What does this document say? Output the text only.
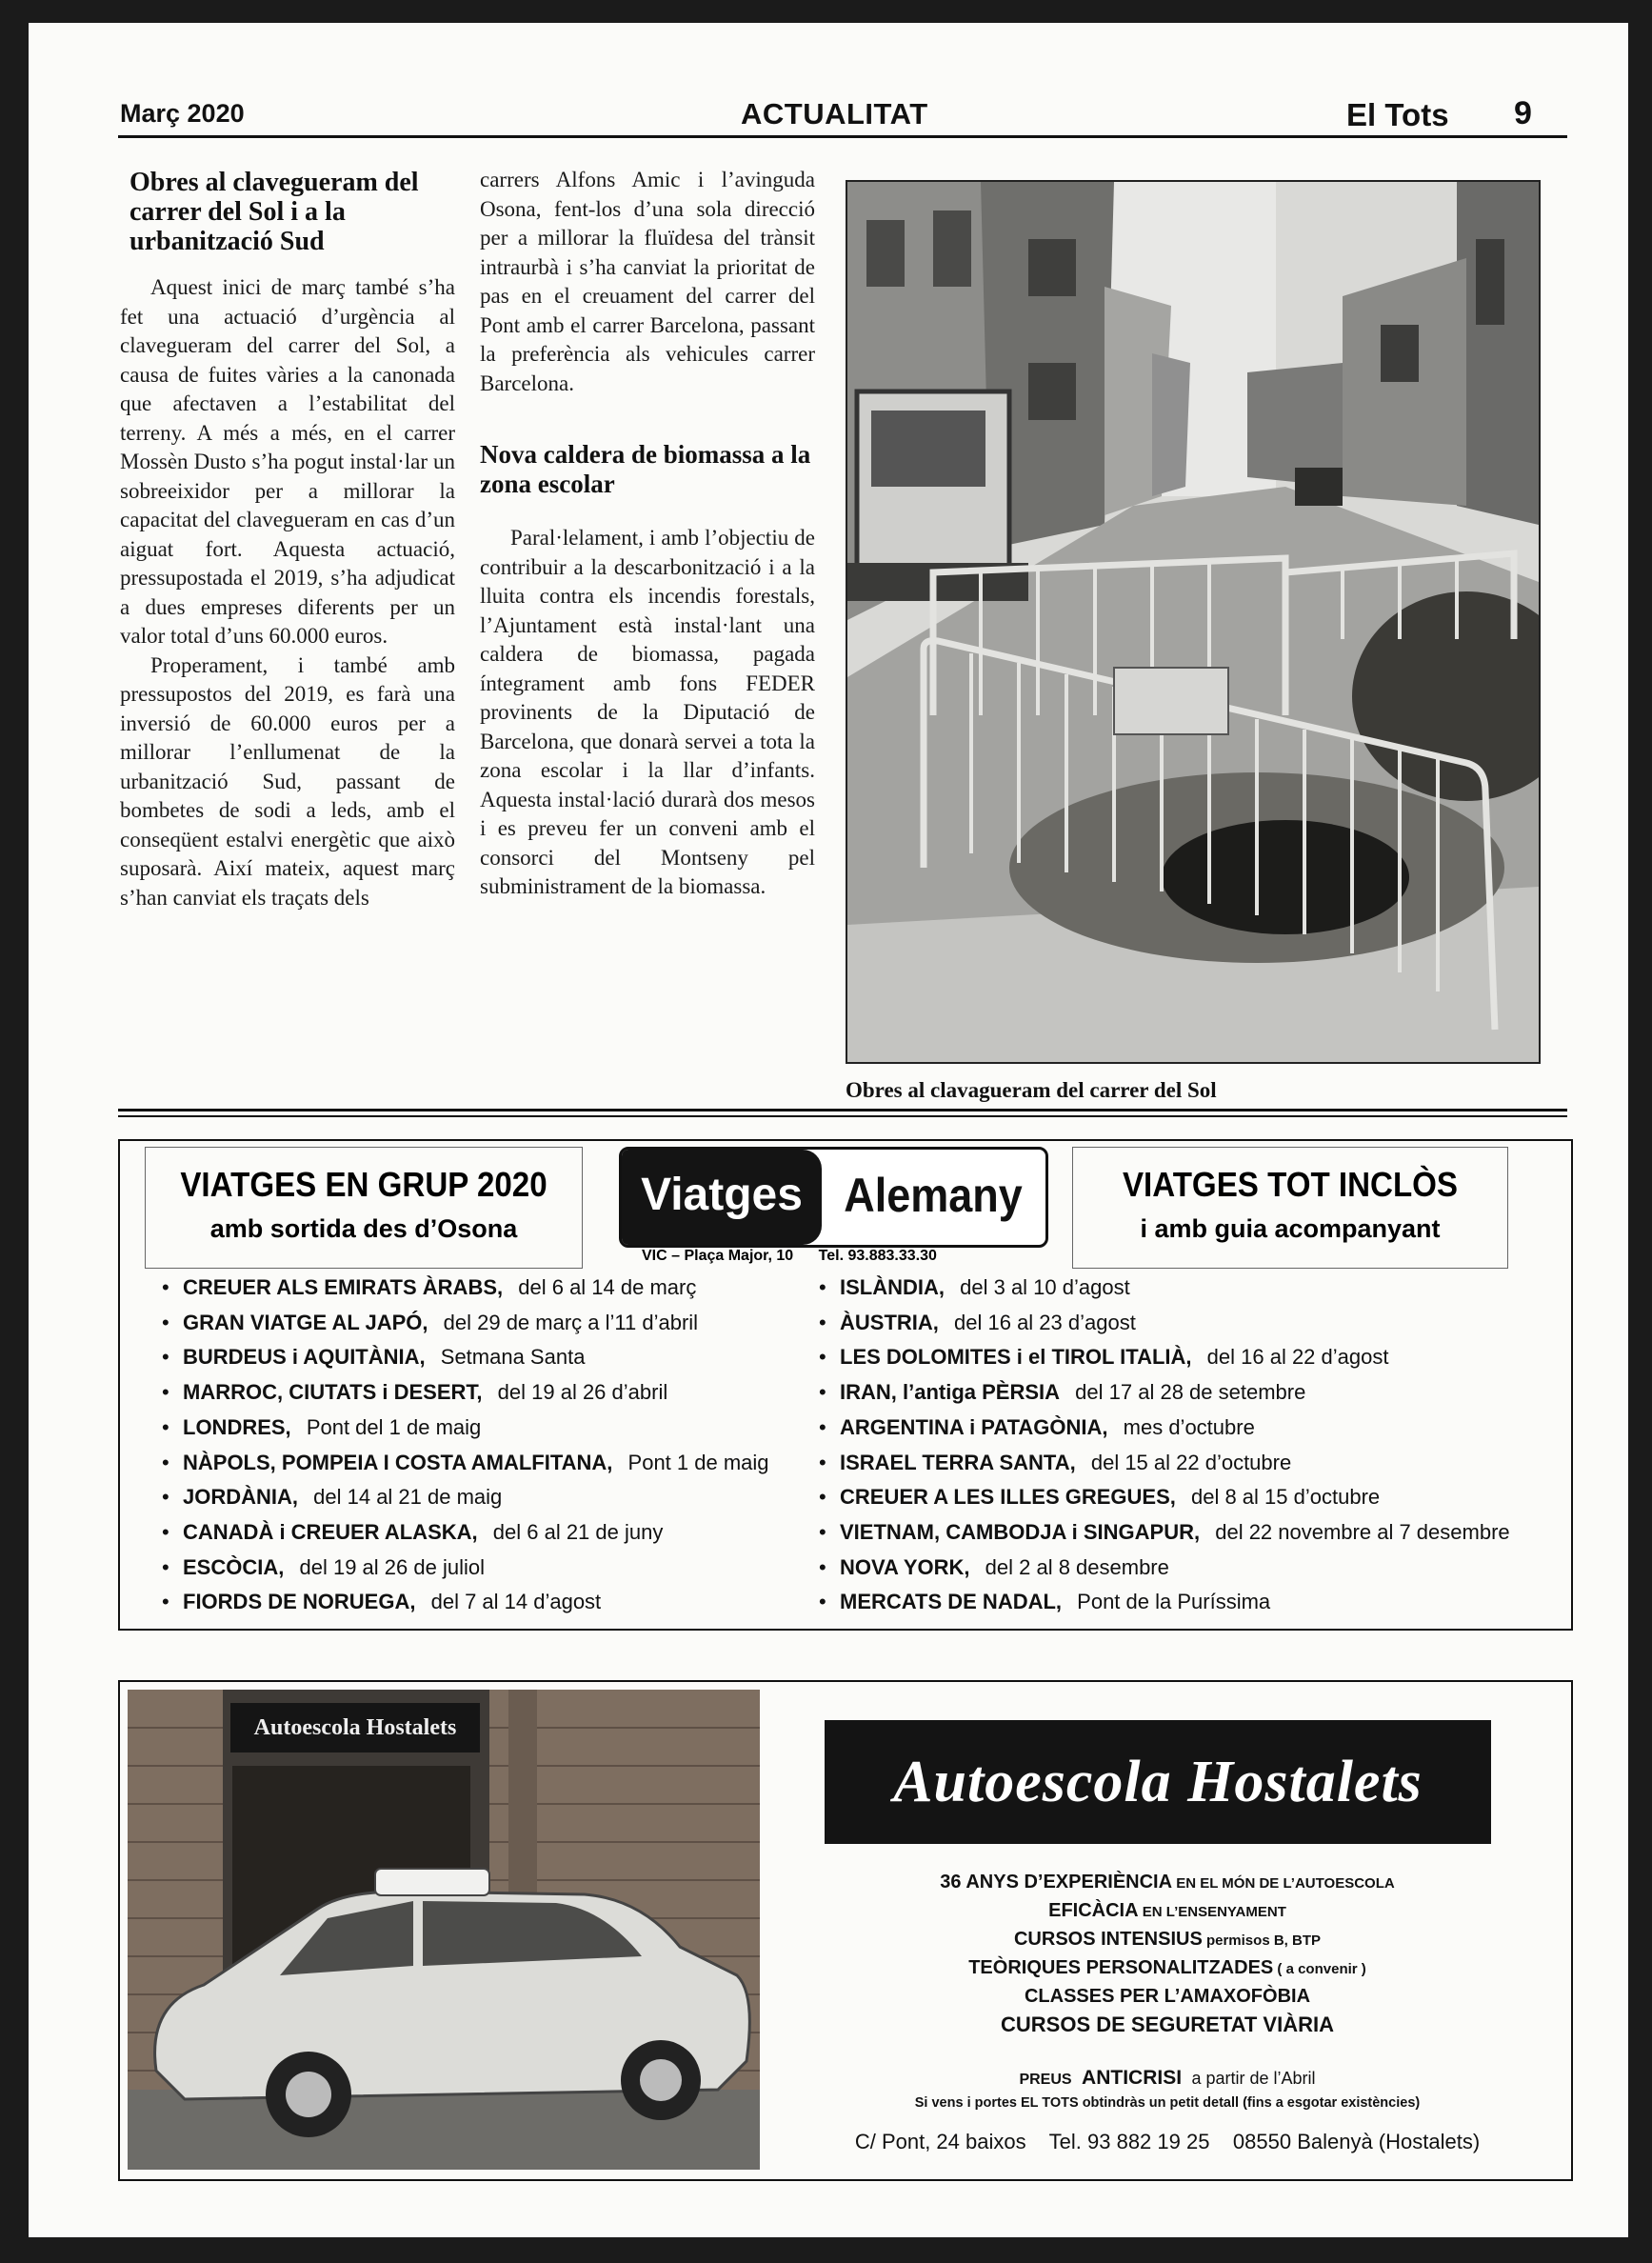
Març 2020	ACTUALITAT	El Tots 9
Obres al clavegueram del carrer del Sol i a la urbanització Sud

Aquest inici de març també s’ha fet una actuació d’urgència al clavegueram del carrer del Sol, a causa de fuites vàries a la canonada que afectaven a l’estabilitat del terreny. A més a més, en el carrer Mossèn Dusto s’ha pogut instal·lar un sobreeixidor per a millorar la capacitat del clavegueram en cas d’un aiguat fort. Aquesta actuació, pressupostada el 2019, s’ha adjudicat a dues empreses diferents per un valor total d’uns 60.000 euros.

Properament, i també amb pressupostos del 2019, es farà una inversió de 60.000 euros per a millorar l’enllumenat de la urbanització Sud, passant de bombetes de sodi a leds, amb el conseqüent estalvi energètic que això suposarà. Així mateix, aquest març s’han canviat els traçats dels

carrers Alfons Amic i l’avinguda Osona, fent-los d’una sola direcció per a millorar la fluïdesa del trànsit intraurbà i s’ha canviat la prioritat de pas en el creuament del carrer del Pont amb el carrer Barcelona, passant la preferència als vehicules carrer Barcelona.

Nova caldera de biomassa a la zona escolar

Paral·lelament, i amb l’objectiu de contribuir a la descarbonització i a la lluita contra els incendis forestals, l’Ajuntament està instal·lant una caldera de biomassa, pagada íntegrament amb fons FEDER provinents de la Diputació de Barcelona, que donarà servei a tota la zona escolar i la llar d’infants. Aquesta instal·lació durarà dos mesos i es preveu fer un conveni amb el consorci del Montseny pel subministrament de la biomassa.

Obres al clavagueram del carrer del Sol
VIATGES EN GRUP 2020
amb sortida des d’Osona
Viatges Alemany
VIC – Plaça Major, 10 Tel. 93.883.33.30
VIATGES TOT INCLÒS
i amb guia acompanyant
• CREUER ALS EMIRATS ÀRABS, del 6 al 14 de març
• GRAN VIATGE AL JAPÓ, del 29 de març a l’11 d’abril
• BURDEUS i AQUITÀNIA, Setmana Santa
• MARROC, CIUTATS i DESERT, del 19 al 26 d’abril
• LONDRES, Pont del 1 de maig
• NÀPOLS, POMPEIA I COSTA AMALFITANA, Pont 1 de maig
• JORDÀNIA, del 14 al 21 de maig
• CANADÀ i CREUER ALASKA, del 6 al 21 de juny
• ESCÒCIA, del 19 al 26 de juliol
• FIORDS DE NORUEGA, del 7 al 14 d’agost
• ISLÀNDIA, del 3 al 10 d’agost
• ÀUSTRIA, del 16 al 23 d’agost
• LES DOLOMITES i el TIROL ITALIÀ, del 16 al 22 d’agost
• IRAN, l’antiga PÈRSIA del 17 al 28 de setembre
• ARGENTINA i PATAGÒNIA, mes d’octubre
• ISRAEL TERRA SANTA, del 15 al 22 d’octubre
• CREUER A LES ILLES GREGUES, del 8 al 15 d’octubre
• VIETNAM, CAMBODJA i SINGAPUR, del 22 novembre al 7 desembre
• NOVA YORK, del 2 al 8 desembre
• MERCATS DE NADAL, Pont de la Puríssima
Autoescola Hostalets
Autoescola Hostalets
36 ANYS D’EXPERIÈNCIA EN EL MÓN DE L’AUTOESCOLA
EFICÀCIA EN L’ENSENYAMENT
CURSOS INTENSIUS permisos B, BTP
TEÒRIQUES PERSONALITZADES ( a convenir )
CLASSES PER L’AMAXOFÒBIA
CURSOS DE SEGURETAT VIÀRIA
PREUS ANTICRISI a partir de l’Abril
Si vens i portes EL TOTS obtindràs un petit detall (fins a esgotar existències)
C/ Pont, 24 baixos    Tel. 93 882 19 25    08550 Balenyà (Hostalets)
